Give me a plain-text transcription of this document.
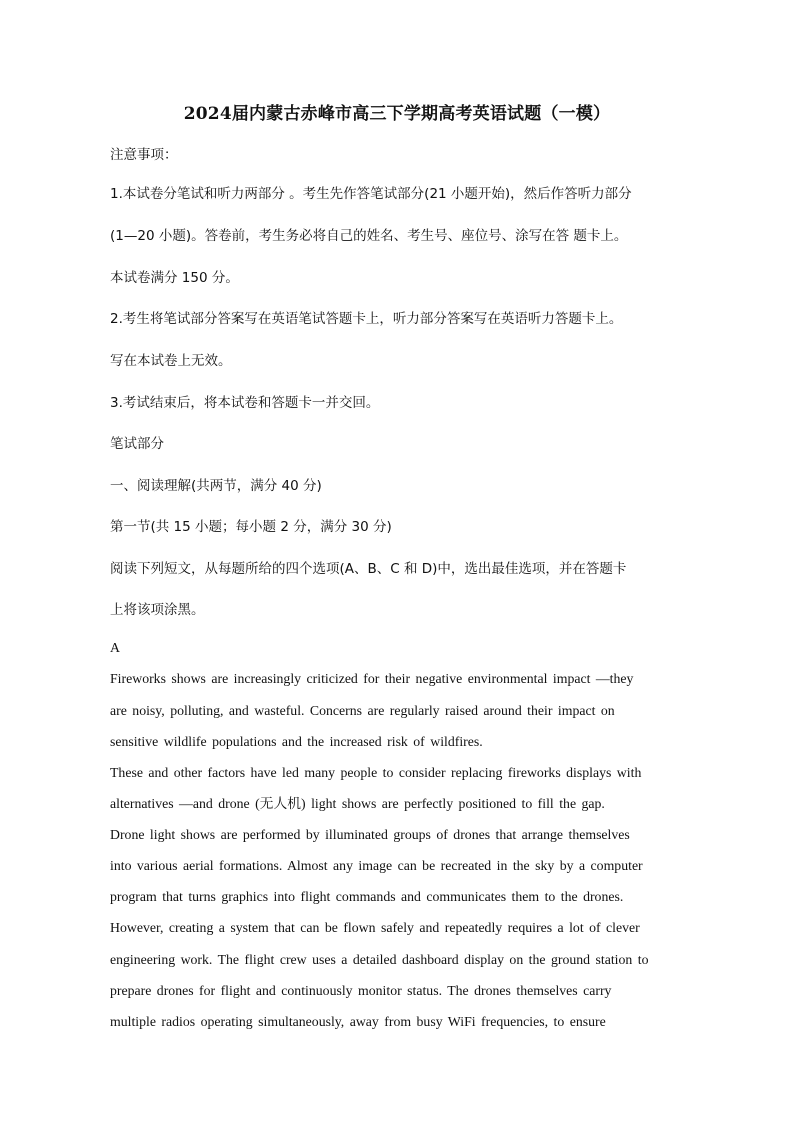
2024届内蒙古赤峰市高三下学期高考英语试题（一模）
注意事项：
1.本试卷分笔试和听力两部分 。考生先作答笔试部分(21 小题开始)，然后作答听力部分
(1—20 小题)。答卷前，考生务必将自己的姓名、考生号、座位号、涂写在答 题卡上。
本试卷满分 150 分。
2.考生将笔试部分答案写在英语笔试答题卡上，听力部分答案写在英语听力答题卡上。
写在本试卷上无效。
3.考试结束后，将本试卷和答题卡一并交回。
笔试部分
一、阅读理解(共两节，满分 40 分)
第一节(共 15 小题；每小题 2 分，满分 30 分)
阅读下列短文，从每题所给的四个选项(A、B、C 和 D)中，选出最佳选项，并在答题卡
上将该项涂黑。
A
Fireworks shows are increasingly criticized for their negative environmental impact —they
are noisy, polluting, and wasteful. Concerns are regularly raised around their impact on
sensitive wildlife populations and the increased risk of wildfires.
These and other factors have led many people to consider replacing fireworks displays with
alternatives —and drone (无人机) light shows are perfectly positioned to fill the gap.
Drone light shows are performed by illuminated groups of drones that arrange themselves
into various aerial formations. Almost any image can be recreated in the sky by a computer
program that turns graphics into flight commands and communicates them to the drones.
However, creating a system that can be flown safely and repeatedly requires a lot of clever
engineering work. The flight crew uses a detailed dashboard display on the ground station to
prepare drones for flight and continuously monitor status. The drones themselves carry
multiple radios operating simultaneously, away from busy WiFi frequencies, to ensure
